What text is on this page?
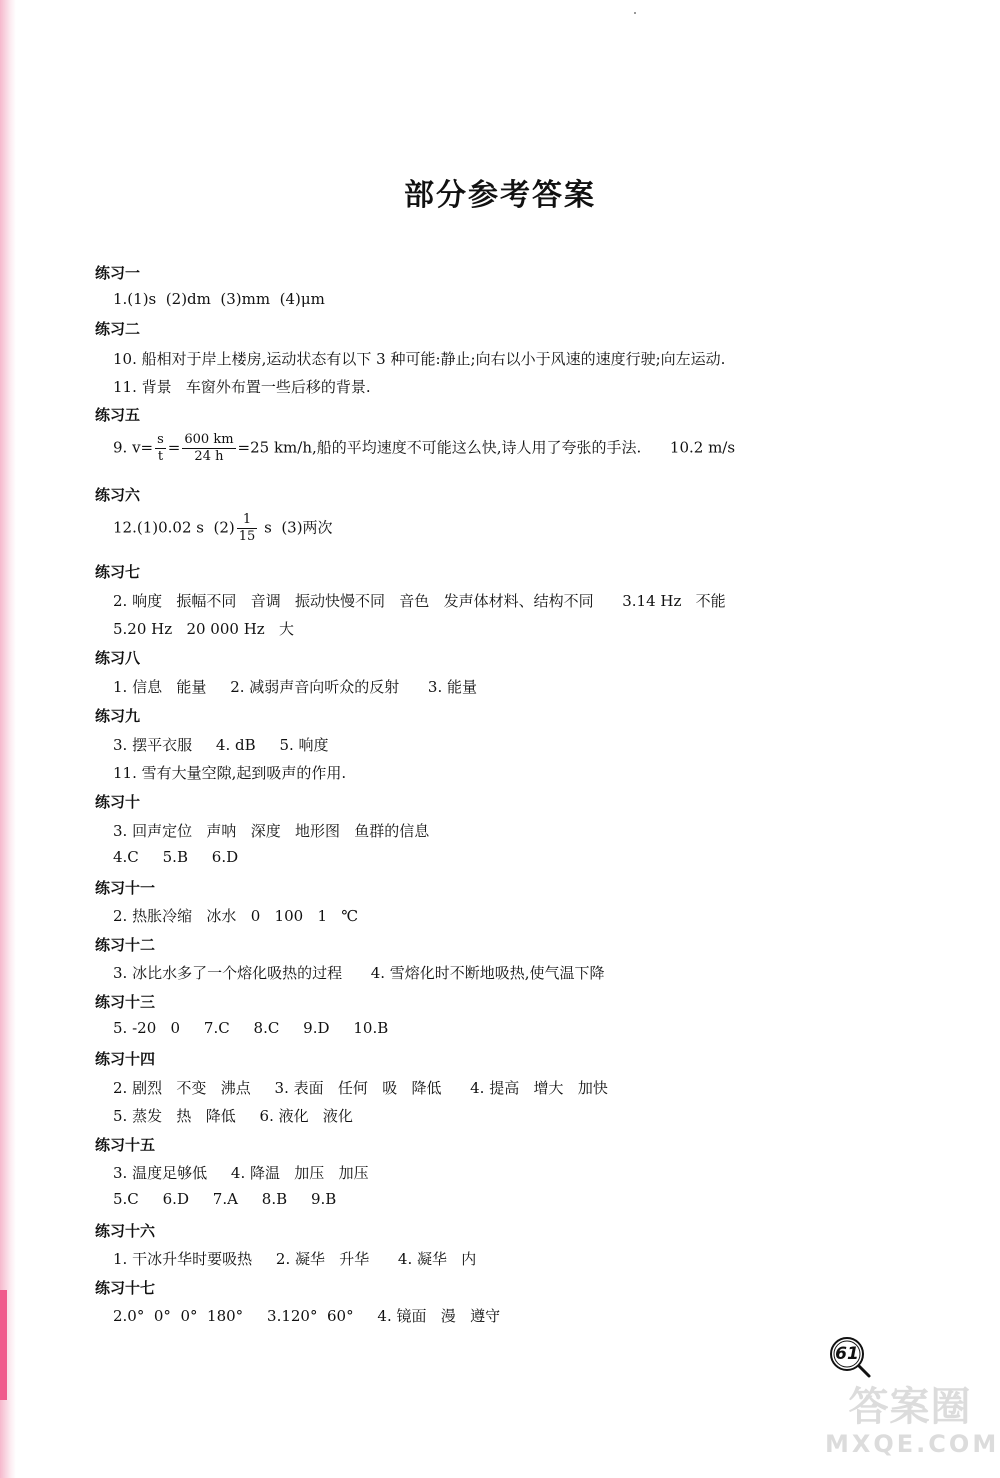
部分参考答案
练习一
1.(1)s  (2)dm  (3)mm  (4)μm
练习二
10. 船相对于岸上楼房,运动状态有以下 3 种可能:静止;向右以小于风速的速度行驶;向左运动.
11. 背景   车窗外布置一些后移的背景.
练习五
9. $v= \frac{s}{t} = \frac{600 km}{24 h} =25$ km/h,船的平均速度不可能这么快,诗人用了夸张的手法.      10.2 m/s
练习六
12.(1)0.02 s  $(2) \frac{1}{15}$ s  (3)两次
练习七
2. 响度   振幅不同   音调   振动快慢不同   音色   发声体材料、结构不同      3.14 Hz   不能
5.20 Hz   20 000 Hz   大
练习八
1. 信息   能量     2. 减弱声音向听众的反射      3. 能量
练习九
3. 摆平衣服     4. dB     5. 响度
11. 雪有大量空隙,起到吸声的作用.
练习十
3. 回声定位   声呐   深度   地形图   鱼群的信息
4.C     5.B     6.D
练习十一
2. 热胀冷缩   冰水   0   100   1   ℃
练习十二
3. 冰比水多了一个熔化吸热的过程      4. 雪熔化时不断地吸热,使气温下降
练习十三
5. -20   0     7.C     8.C     9.D     10.B
练习十四
2. 剧烈   不变   沸点     3. 表面   任何   吸   降低      4. 提高   增大   加快
5. 蒸发   热   降低     6. 液化   液化
练习十五
3. 温度足够低     4. 降温   加压   加压
5.C     6.D     7.A     8.B     9.B
练习十六
1. 干冰升华时要吸热     2. 凝华   升华      4. 凝华   内
练习十七
2.0°  0°  0°  180°     3.120°  60°     4. 镜面   漫   遵守
61
答案圈
MXQE.COM
